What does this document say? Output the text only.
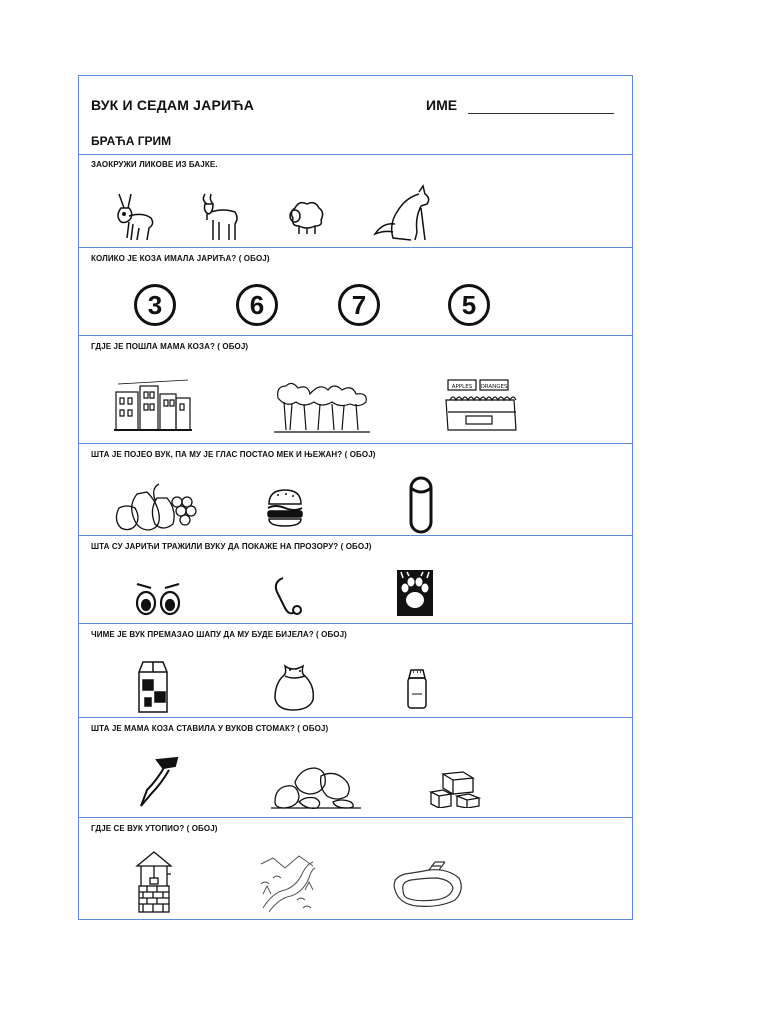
ВУК И СЕДАМ ЈАРИЋА	ИМЕ
БРАЋА ГРИМ
ЗАОКРУЖИ ЛИКОВЕ ИЗ БАЈКЕ.
КОЛИКО ЈЕ КОЗА ИМАЛА ЈАРИЋА? ( ОБОЈ)
3	6	7	5
ГДЈЕ ЈЕ ПОШЛА МАМА КОЗА? ( ОБОЈ)
APPLES ORANGES
ШТА ЈЕ ПОЈЕО ВУК, ПА МУ ЈЕ ГЛАС ПОСТАО МЕК И ЊЕЖАН? ( ОБОЈ)
ШТА СУ ЈАРИЋИ ТРАЖИЛИ ВУКУ ДА ПОКАЖЕ НА ПРОЗОРУ? ( ОБОЈ)
ЧИМЕ ЈЕ ВУК ПРЕМАЗАО ШАПУ ДА МУ БУДЕ БИЈЕЛА? ( ОБОЈ)
ШТА ЈЕ МАМА КОЗА СТАВИЛА У ВУКОВ СТОМАК? ( ОБОЈ)
ГДЈЕ СЕ ВУК УТОПИО? ( ОБОЈ)
